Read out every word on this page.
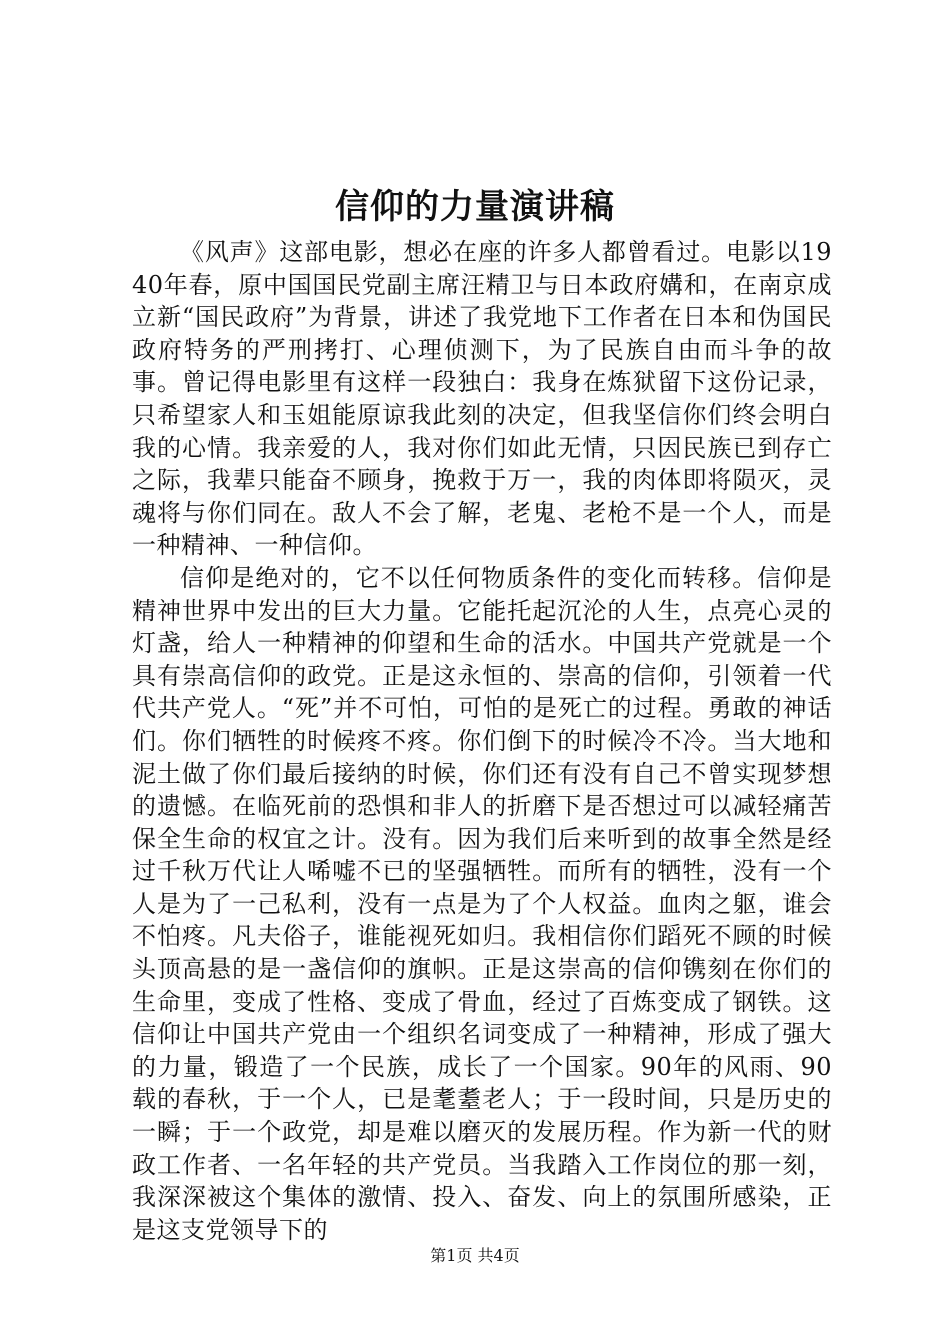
信仰的力量演讲稿

《风声》这部电影，想必在座的许多人都曾看过。电影以1940年春，原中国国民党副主席汪精卫与日本政府媾和，在南京成立新“国民政府”为背景，讲述了我党地下工作者在日本和伪国民政府特务的严刑拷打、心理侦测下，为了民族自由而斗争的故事。曾记得电影里有这样一段独白：我身在炼狱留下这份记录，只希望家人和玉姐能原谅我此刻的决定，但我坚信你们终会明白我的心情。我亲爱的人，我对你们如此无情，只因民族已到存亡之际，我辈只能奋不顾身，挽救于万一，我的肉体即将陨灭，灵魂将与你们同在。敌人不会了解，老鬼、老枪不是一个人，而是一种精神、一种信仰。

信仰是绝对的，它不以任何物质条件的变化而转移。信仰是精神世界中发出的巨大力量。它能托起沉沦的人生，点亮心灵的灯盏，给人一种精神的仰望和生命的活水。中国共产党就是一个具有崇高信仰的政党。正是这永恒的、崇高的信仰，引领着一代代共产党人。“死”并不可怕，可怕的是死亡的过程。勇敢的神话们。你们牺牲的时候疼不疼。你们倒下的时候冷不冷。当大地和泥土做了你们最后接纳的时候，你们还有没有自己不曾实现梦想的遗憾。在临死前的恐惧和非人的折磨下是否想过可以减轻痛苦保全生命的权宜之计。没有。因为我们后来听到的故事全然是经过千秋万代让人唏嘘不已的坚强牺牲。而所有的牺牲，没有一个人是为了一己私利，没有一点是为了个人权益。血肉之躯，谁会不怕疼。凡夫俗子，谁能视死如归。我相信你们蹈死不顾的时候头顶高悬的是一盏信仰的旗帜。正是这崇高的信仰镌刻在你们的生命里，变成了性格、变成了骨血，经过了百炼变成了钢铁。这信仰让中国共产党由一个组织名词变成了一种精神，形成了强大的力量，锻造了一个民族，成长了一个国家。90年的风雨、90载的春秋，于一个人，已是耄耋老人；于一段时间，只是历史的一瞬；于一个政党，却是难以磨灭的发展历程。作为新一代的财政工作者、一名年轻的共产党员。当我踏入工作岗位的那一刻，我深深被这个集体的激情、投入、奋发、向上的氛围所感染，正是这支党领导下的

第1页 共4页
